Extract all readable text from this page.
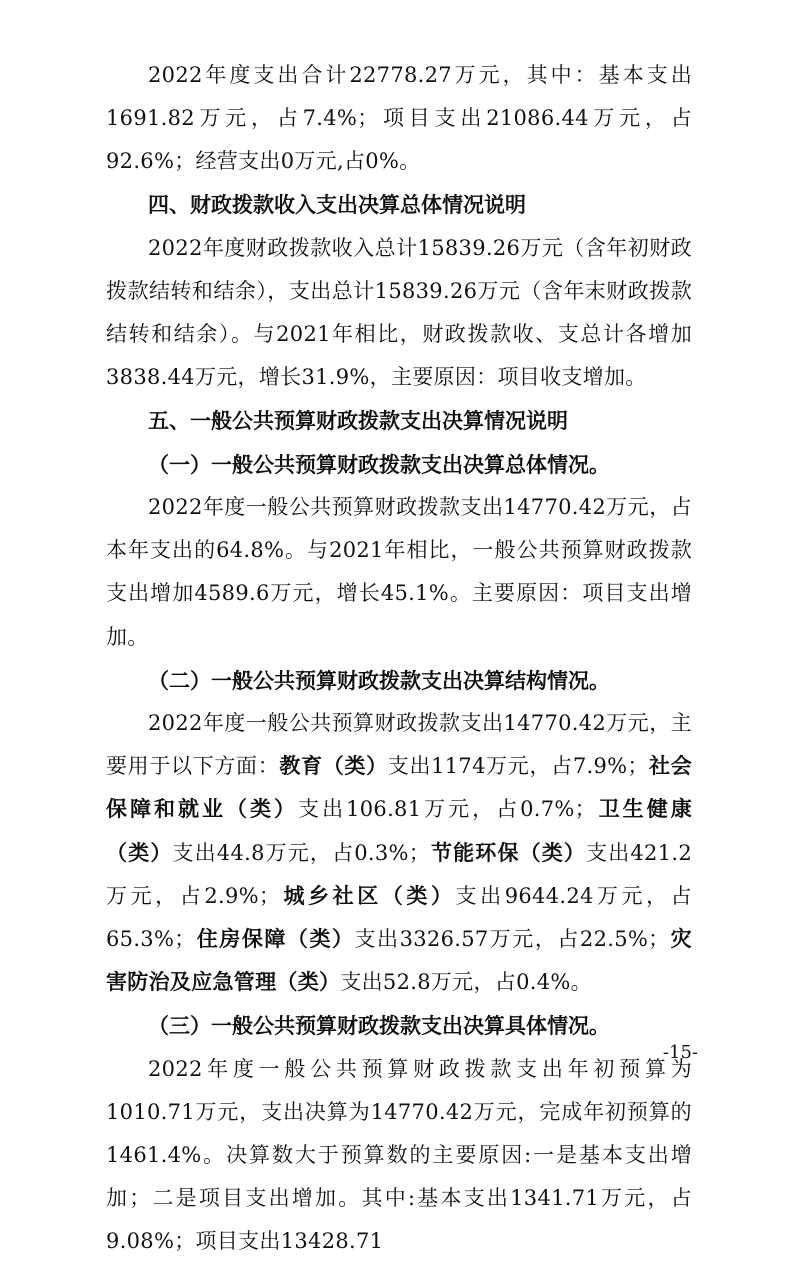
2022年度支出合计22778.27万元，其中：基本支出1691.82万元，占7.4%；项目支出21086.44万元，占92.6%；经营支出0万元,占0%。

四、财政拨款收入支出决算总体情况说明

2022年度财政拨款收入总计15839.26万元（含年初财政拨款结转和结余），支出总计15839.26万元（含年末财政拨款结转和结余）。与2021年相比，财政拨款收、支总计各增加3838.44万元，增长31.9%，主要原因：项目收支增加。

五、一般公共预算财政拨款支出决算情况说明

（一）一般公共预算财政拨款支出决算总体情况。

2022年度一般公共预算财政拨款支出14770.42万元，占本年支出的64.8%。与2021年相比，一般公共预算财政拨款支出增加4589.6万元，增长45.1%。主要原因：项目支出增加。

（二）一般公共预算财政拨款支出决算结构情况。

2022年度一般公共预算财政拨款支出14770.42万元，主要用于以下方面：教育（类）支出1174万元，占7.9%；社会保障和就业（类）支出106.81万元，占0.7%；卫生健康（类）支出44.8万元，占0.3%；节能环保（类）支出421.2万元，占2.9%；城乡社区（类）支出9644.24万元，占65.3%；住房保障（类）支出3326.57万元，占22.5%；灾害防治及应急管理（类）支出52.8万元，占0.4%。

（三）一般公共预算财政拨款支出决算具体情况。

2022年度一般公共预算财政拨款支出年初预算为1010.71万元，支出决算为14770.42万元，完成年初预算的1461.4%。决算数大于预算数的主要原因:一是基本支出增加；二是项目支出增加。其中:基本支出1341.71万元，占9.08%；项目支出13428.71

-15-
